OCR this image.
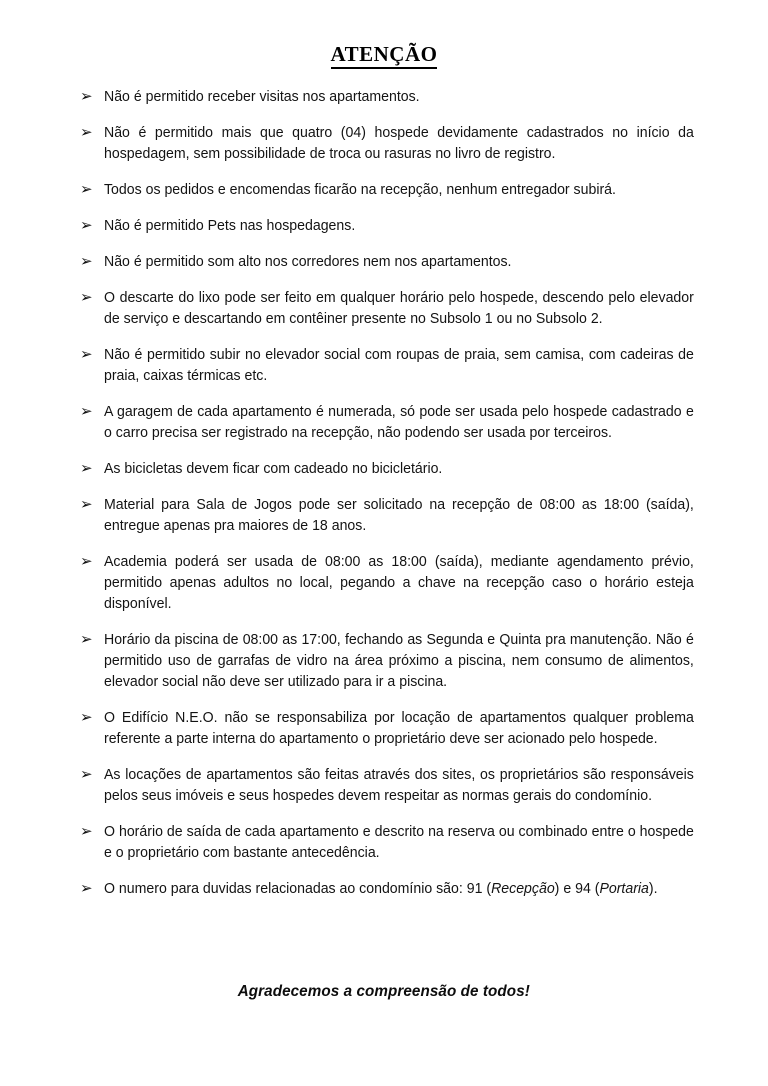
ATENÇÃO
➢ Não é permitido receber visitas nos apartamentos.
➢ Não é permitido mais que quatro (04) hospede devidamente cadastrados no início da hospedagem, sem possibilidade de troca ou rasuras no livro de registro.
➢ Todos os pedidos e encomendas ficarão na recepção, nenhum entregador subirá.
➢ Não é permitido Pets nas hospedagens.
➢ Não é permitido som alto nos corredores nem nos apartamentos.
➢ O descarte do lixo pode ser feito em qualquer horário pelo hospede, descendo pelo elevador de serviço e descartando em contêiner presente no Subsolo 1 ou no Subsolo 2.
➢ Não é permitido subir no elevador social com roupas de praia, sem camisa, com cadeiras de praia, caixas térmicas etc.
➢ A garagem de cada apartamento é numerada, só pode ser usada pelo hospede cadastrado e o carro precisa ser registrado na recepção, não podendo ser usada por terceiros.
➢ As bicicletas devem ficar com cadeado no bicicletário.
➢ Material para Sala de Jogos pode ser solicitado na recepção de 08:00 as 18:00 (saída), entregue apenas pra maiores de 18 anos.
➢ Academia poderá ser usada de 08:00 as 18:00 (saída), mediante agendamento prévio, permitido apenas adultos no local, pegando a chave na recepção caso o horário esteja disponível.
➢ Horário da piscina de 08:00 as 17:00, fechando as Segunda e Quinta pra manutenção. Não é permitido uso de garrafas de vidro na área próximo a piscina, nem consumo de alimentos, elevador social não deve ser utilizado para ir a piscina.
➢ O Edifício N.E.O. não se responsabiliza por locação de apartamentos qualquer problema referente a parte interna do apartamento o proprietário deve ser acionado pelo hospede.
➢ As locações de apartamentos são feitas através dos sites, os proprietários são responsáveis pelos seus imóveis e seus hospedes devem respeitar as normas gerais do condomínio.
➢ O horário de saída de cada apartamento e descrito na reserva ou combinado entre o hospede e o proprietário com bastante antecedência.
➢ O numero para duvidas relacionadas ao condomínio são: 91 (Recepção) e 94 (Portaria).
Agradecemos a compreensão de todos!
